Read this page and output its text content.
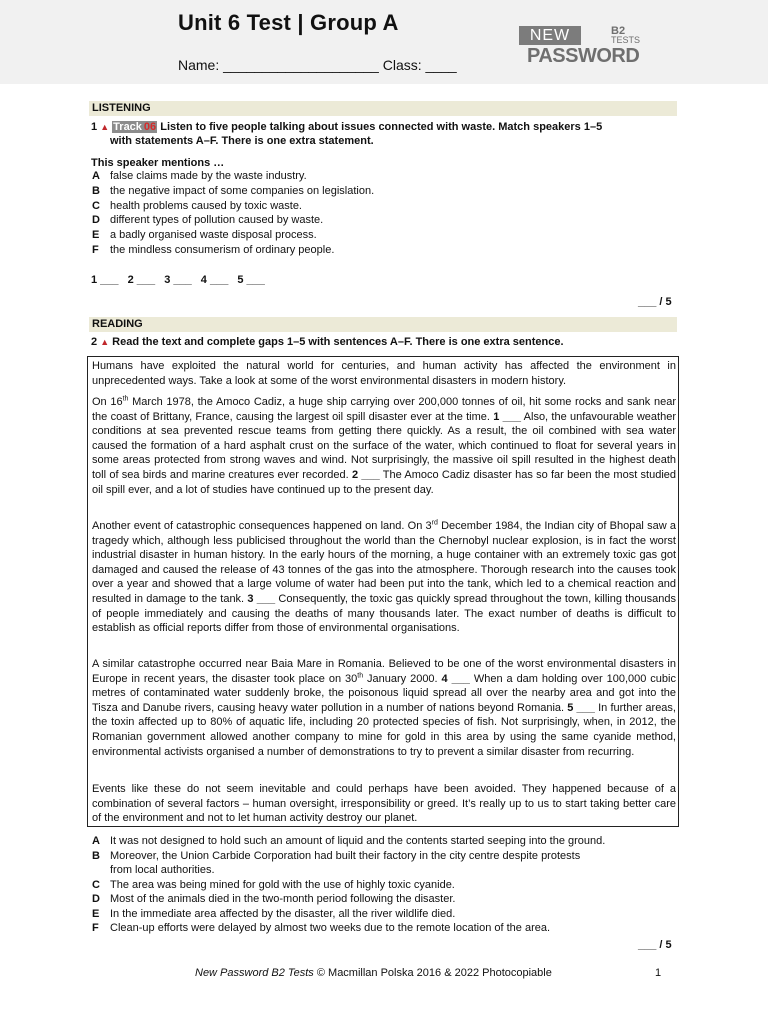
Unit 6 Test | Group A
Name: ____________________ Class: ____
NEW	B2
TESTS
PASSWORD
LISTENING
1 ▲ Track 06 Listen to five people talking about issues connected with waste. Match speakers 1–5
with statements A–F. There is one extra statement.
This speaker mentions …
A false claims made by the waste industry.
B the negative impact of some companies on legislation.
C health problems caused by toxic waste.
D different types of pollution caused by waste.
E a badly organised waste disposal process.
F the mindless consumerism of ordinary people.
1 ___ 2 ___ 3 ___ 4 ___ 5 ___
___ / 5
READING
2 ▲ Read the text and complete gaps 1–5 with sentences A–F. There is one extra sentence.

Humans have exploited the natural world for centuries, and human activity has affected the environment in unprecedented ways. Take a look at some of the worst environmental disasters in modern history.

On 16th March 1978, the Amoco Cadiz, a huge ship carrying over 200,000 tonnes of oil, hit some rocks and sank near the coast of Brittany, France, causing the largest oil spill disaster ever at the time. 1 ___ Also, the unfavourable weather conditions at sea prevented rescue teams from getting there quickly. As a result, the oil combined with sea water caused the formation of a hard asphalt crust on the surface of the water, which continued to float for several years in some areas protected from strong waves and wind. Not surprisingly, the massive oil spill resulted in the highest death toll of sea birds and marine creatures ever recorded. 2 ___ The Amoco Cadiz disaster has so far been the most studied oil spill ever, and a lot of studies have continued up to the present day.

Another event of catastrophic consequences happened on land. On 3rd December 1984, the Indian city of Bhopal saw a tragedy which, although less publicised throughout the world than the Chernobyl nuclear explosion, is in fact the worst industrial disaster in human history. In the early hours of the morning, a huge container with an extremely toxic gas got damaged and caused the release of 43 tonnes of the gas into the atmosphere. Thorough research into the causes took over a year and showed that a large volume of water had been put into the tank, which led to a chemical reaction and resulted in damage to the tank. 3 ___ Consequently, the toxic gas quickly spread throughout the town, killing thousands of people immediately and causing the deaths of many thousands later. The exact number of deaths is difficult to establish as official reports differ from those of environmental organisations.

A similar catastrophe occurred near Baia Mare in Romania. Believed to be one of the worst environmental disasters in Europe in recent years, the disaster took place on 30th January 2000. 4 ___ When a dam holding over 100,000 cubic metres of contaminated water suddenly broke, the poisonous liquid spread all over the nearby area and got into the Tisza and Danube rivers, causing heavy water pollution in a number of nations beyond Romania. 5 ___ In further areas, the toxin affected up to 80% of aquatic life, including 20 protected species of fish. Not surprisingly, when, in 2012, the Romanian government allowed another company to mine for gold in this area by using the same cyanide method, environmental activists organised a number of demonstrations to try to prevent a similar disaster from recurring.

Events like these do not seem inevitable and could perhaps have been avoided. They happened because of a combination of several factors – human oversight, irresponsibility or greed. It’s really up to us to start taking better care of the environment and not to let human activity destroy our planet.

A It was not designed to hold such an amount of liquid and the contents started seeping into the ground.
B Moreover, the Union Carbide Corporation had built their factory in the city centre despite protests
from local authorities.
C The area was being mined for gold with the use of highly toxic cyanide.
D Most of the animals died in the two-month period following the disaster.
E In the immediate area affected by the disaster, all the river wildlife died.
F Clean-up efforts were delayed by almost two weeks due to the remote location of the area.
___ / 5
New Password B2 Tests © Macmillan Polska 2016 & 2022 Photocopiable	1
